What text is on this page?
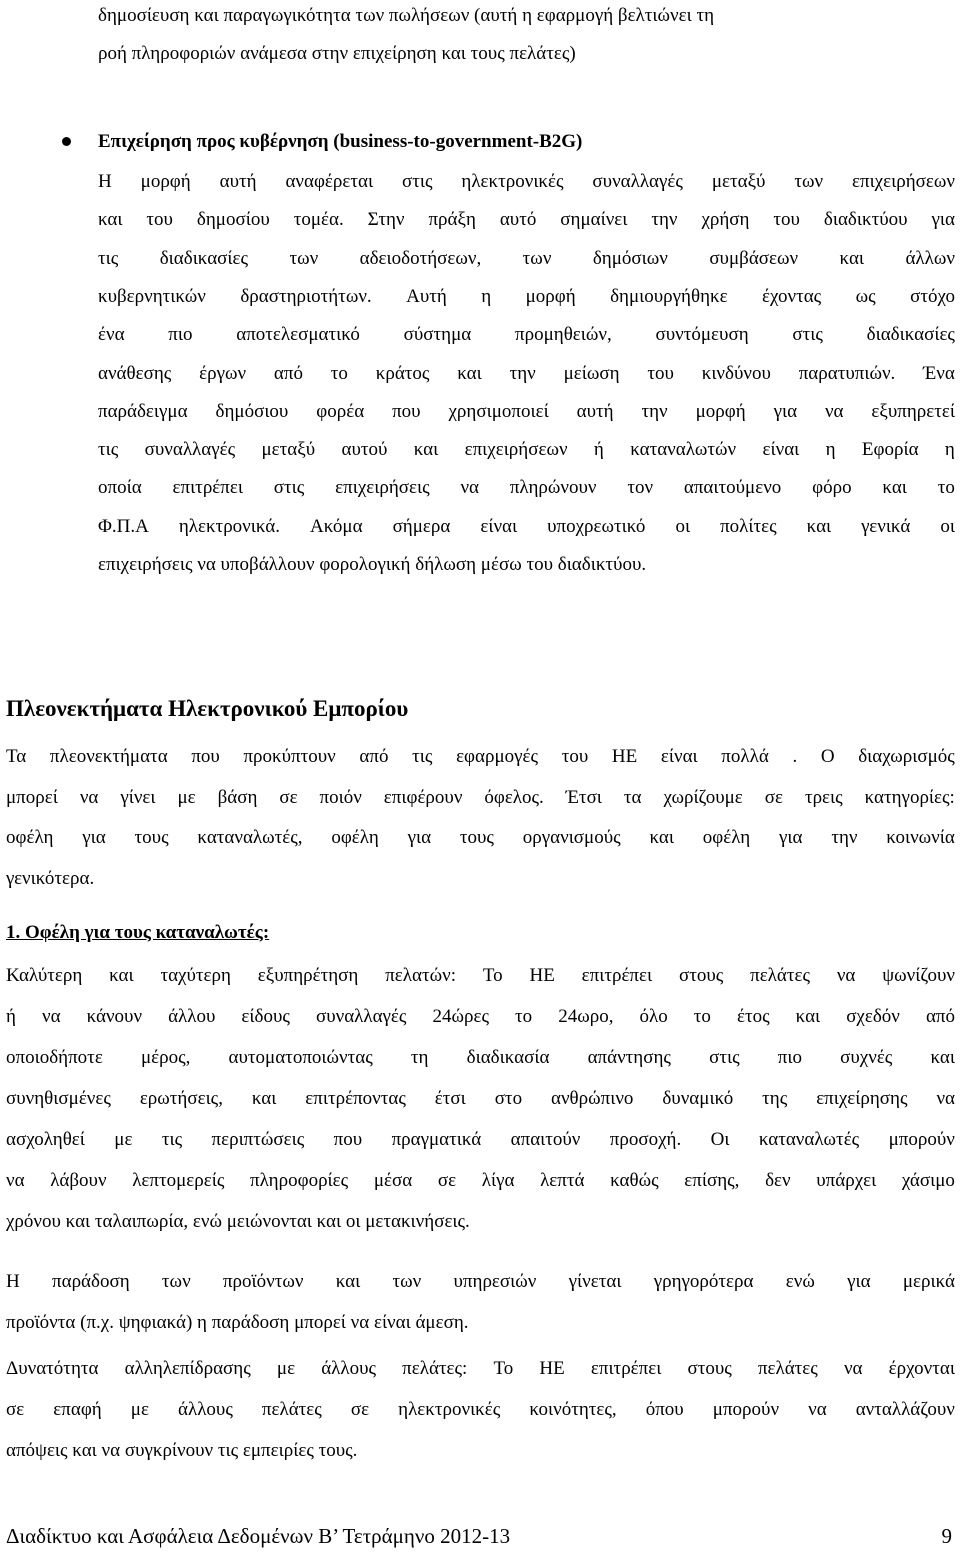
δημοσίευση και παραγωγικότητα των πωλήσεων (αυτή η εφαρμογή βελτιώνει τη
ροή πληροφοριών ανάμεσα στην επιχείρηση και τους πελάτες)
Επιχείρηση προς κυβέρνηση (business-to-government-B2G)
Η μορφή αυτή αναφέρεται στις ηλεκτρονικές συναλλαγές μεταξύ των επιχειρήσεων
και του δημοσίου τομέα. Στην πράξη αυτό σημαίνει την χρήση του διαδικτύου για
τις διαδικασίες των αδειοδοτήσεων, των δημόσιων συμβάσεων και άλλων
κυβερνητικών δραστηριοτήτων. Αυτή η μορφή δημιουργήθηκε έχοντας ως στόχο
ένα πιο αποτελεσματικό σύστημα προμηθειών, συντόμευση στις διαδικασίες
ανάθεσης έργων από το κράτος και την μείωση του κινδύνου παρατυπιών. Ένα
παράδειγμα δημόσιου φορέα που χρησιμοποιεί αυτή την μορφή για να εξυπηρετεί
τις συναλλαγές μεταξύ αυτού και επιχειρήσεων ή καταναλωτών είναι η Εφορία η
οποία επιτρέπει στις επιχειρήσεις να πληρώνουν τον απαιτούμενο φόρο και το
Φ.Π.Α ηλεκτρονικά. Ακόμα σήμερα είναι υποχρεωτικό οι πολίτες και γενικά οι
επιχειρήσεις να υποβάλλουν φορολογική δήλωση μέσω του διαδικτύου.
Πλεονεκτήματα Ηλεκτρονικού Εμπορίου
Τα πλεονεκτήματα που προκύπτουν από τις εφαρμογές του ΗΕ είναι πολλά . Ο διαχωρισμός
μπορεί να γίνει με βάση σε ποιόν επιφέρουν όφελος. Έτσι τα χωρίζουμε σε τρεις κατηγορίες:
οφέλη για τους καταναλωτές, οφέλη για τους οργανισμούς και οφέλη για την κοινωνία
γενικότερα.
1. Οφέλη για τους καταναλωτές:
Καλύτερη και ταχύτερη εξυπηρέτηση πελατών: Το ΗΕ επιτρέπει στους πελάτες να ψωνίζουν
ή να κάνουν άλλου είδους συναλλαγές 24ώρες το 24ωρο, όλο το έτος και σχεδόν από
οποιοδήποτε μέρος, αυτοματοποιώντας τη διαδικασία απάντησης στις πιο συχνές και
συνηθισμένες ερωτήσεις, και επιτρέποντας έτσι στο ανθρώπινο δυναμικό της επιχείρησης να
ασχοληθεί με τις περιπτώσεις που πραγματικά απαιτούν προσοχή. Οι καταναλωτές μπορούν
να λάβουν λεπτομερείς πληροφορίες μέσα σε λίγα λεπτά καθώς επίσης, δεν υπάρχει χάσιμο
χρόνου και ταλαιπωρία, ενώ μειώνονται και οι μετακινήσεις.
Η παράδοση των προϊόντων και των υπηρεσιών γίνεται γρηγορότερα ενώ για μερικά
προϊόντα (π.χ. ψηφιακά) η παράδοση μπορεί να είναι άμεση.
Δυνατότητα αλληλεπίδρασης με άλλους πελάτες: Το ΗΕ επιτρέπει στους πελάτες να έρχονται
σε επαφή με άλλους πελάτες σε ηλεκτρονικές κοινότητες, όπου μπορούν να ανταλλάζουν
απόψεις και να συγκρίνουν τις εμπειρίες τους.
Διαδίκτυο και Ασφάλεια Δεδομένων Β’ Τετράμηνο 2012-13	9
